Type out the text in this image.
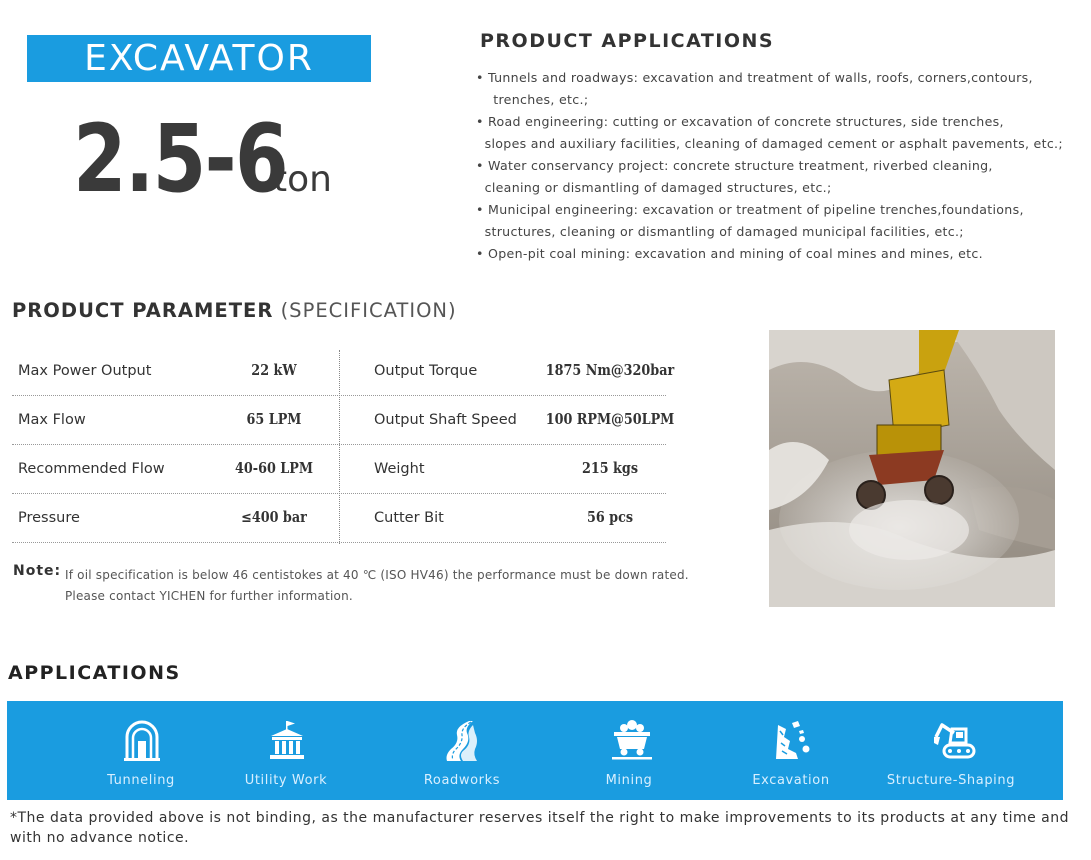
EXCAVATOR
2.5-6ton
PRODUCT APPLICATIONS
• Tunnels and roadways: excavation and treatment of walls, roofs, corners,contours,
trenches, etc.;
• Road engineering: cutting or excavation of concrete structures, side trenches,
slopes and auxiliary facilities, cleaning of damaged cement or asphalt pavements, etc.;
• Water conservancy project: concrete structure treatment, riverbed cleaning,
cleaning or dismantling of damaged structures, etc.;
• Municipal engineering: excavation or treatment of pipeline trenches,foundations,
structures, cleaning or dismantling of damaged municipal facilities, etc.;
• Open-pit coal mining: excavation and mining of coal mines and mines, etc.
PRODUCT PARAMETER (SPECIFICATION)
Max Power Output	22 kW	Output Torque	1875 Nm@320bar
Max Flow	65 LPM	Output Shaft Speed	100 RPM@50LPM
Recommended Flow	40-60 LPM	Weight	215 kgs
Pressure	≤400 bar	Cutter Bit	56 pcs
Note: If oil specification is below 46 centistokes at 40 ℃ (ISO HV46) the performance must be down rated.
Please contact YICHEN for further information.
APPLICATIONS
Tunneling	Utility Work	Roadworks	Mining	Excavation	Structure-Shaping
*The data provided above is not binding, as the manufacturer reserves itself the right to make improvements to its products at any time and with no advance notice.
